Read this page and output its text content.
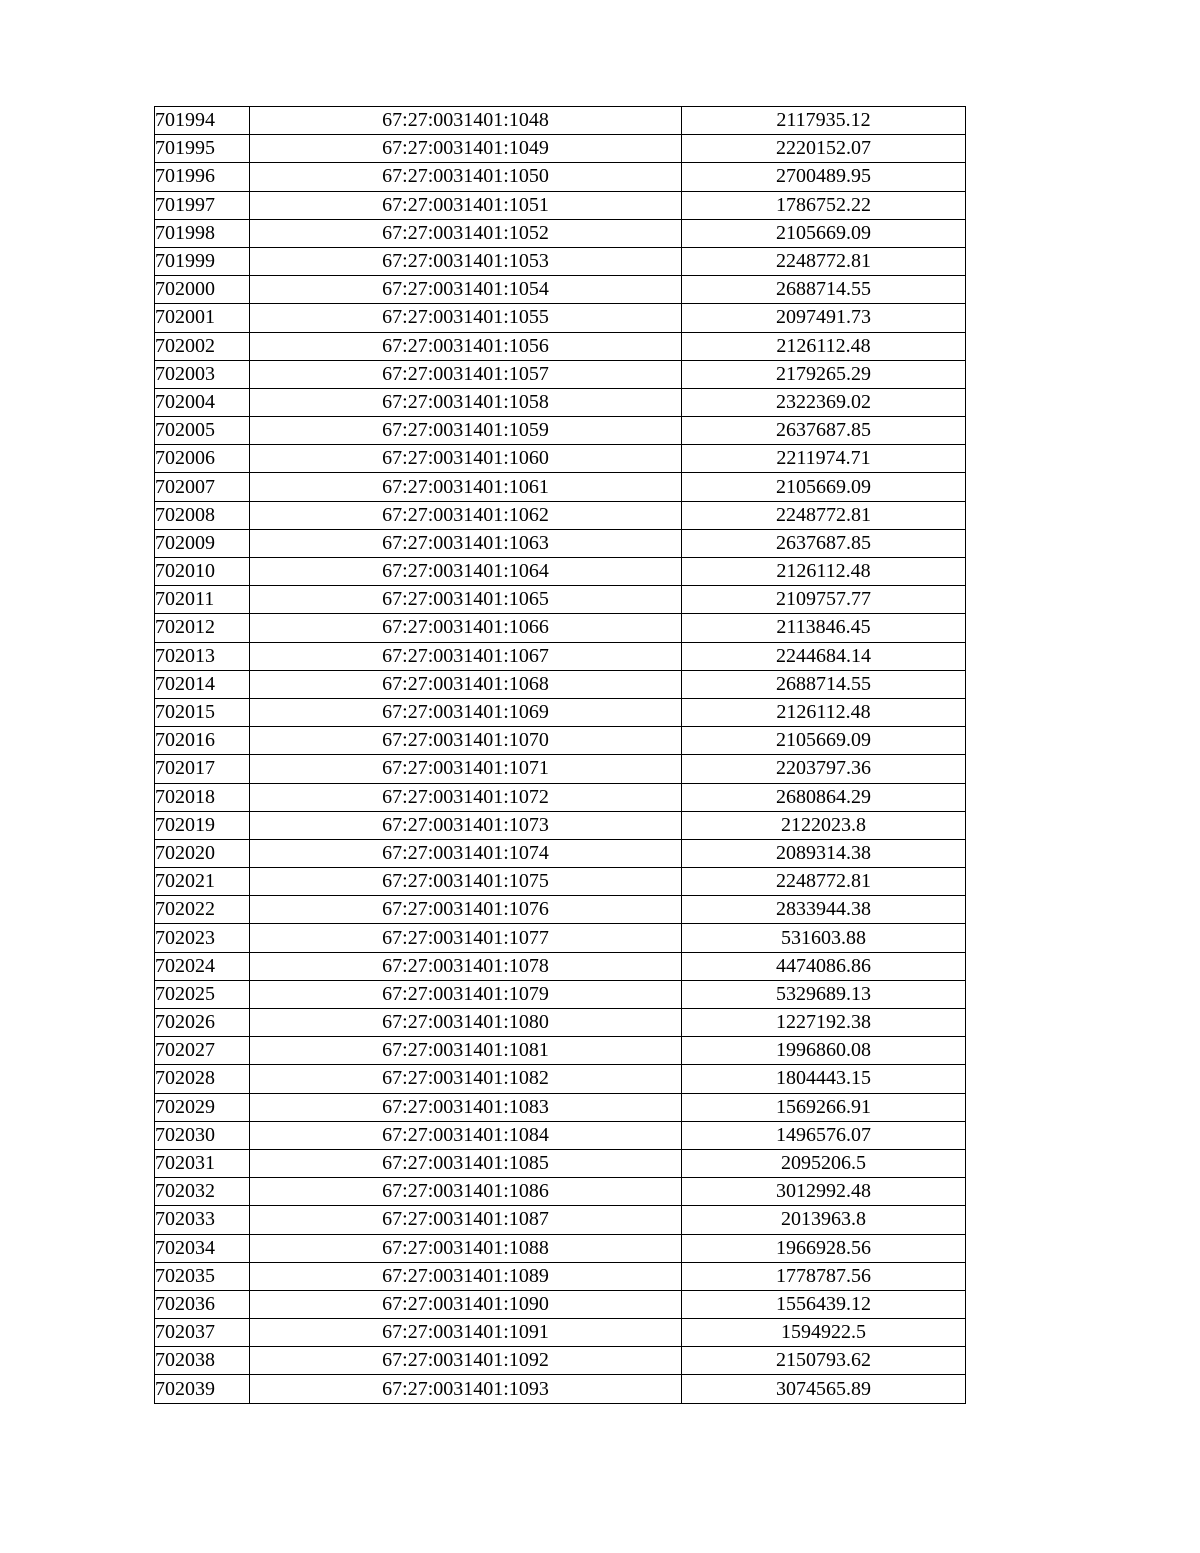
701994	67:27:0031401:1048	2117935.12
701995	67:27:0031401:1049	2220152.07
701996	67:27:0031401:1050	2700489.95
701997	67:27:0031401:1051	1786752.22
701998	67:27:0031401:1052	2105669.09
701999	67:27:0031401:1053	2248772.81
702000	67:27:0031401:1054	2688714.55
702001	67:27:0031401:1055	2097491.73
702002	67:27:0031401:1056	2126112.48
702003	67:27:0031401:1057	2179265.29
702004	67:27:0031401:1058	2322369.02
702005	67:27:0031401:1059	2637687.85
702006	67:27:0031401:1060	2211974.71
702007	67:27:0031401:1061	2105669.09
702008	67:27:0031401:1062	2248772.81
702009	67:27:0031401:1063	2637687.85
702010	67:27:0031401:1064	2126112.48
702011	67:27:0031401:1065	2109757.77
702012	67:27:0031401:1066	2113846.45
702013	67:27:0031401:1067	2244684.14
702014	67:27:0031401:1068	2688714.55
702015	67:27:0031401:1069	2126112.48
702016	67:27:0031401:1070	2105669.09
702017	67:27:0031401:1071	2203797.36
702018	67:27:0031401:1072	2680864.29
702019	67:27:0031401:1073	2122023.8
702020	67:27:0031401:1074	2089314.38
702021	67:27:0031401:1075	2248772.81
702022	67:27:0031401:1076	2833944.38
702023	67:27:0031401:1077	531603.88
702024	67:27:0031401:1078	4474086.86
702025	67:27:0031401:1079	5329689.13
702026	67:27:0031401:1080	1227192.38
702027	67:27:0031401:1081	1996860.08
702028	67:27:0031401:1082	1804443.15
702029	67:27:0031401:1083	1569266.91
702030	67:27:0031401:1084	1496576.07
702031	67:27:0031401:1085	2095206.5
702032	67:27:0031401:1086	3012992.48
702033	67:27:0031401:1087	2013963.8
702034	67:27:0031401:1088	1966928.56
702035	67:27:0031401:1089	1778787.56
702036	67:27:0031401:1090	1556439.12
702037	67:27:0031401:1091	1594922.5
702038	67:27:0031401:1092	2150793.62
702039	67:27:0031401:1093	3074565.89
